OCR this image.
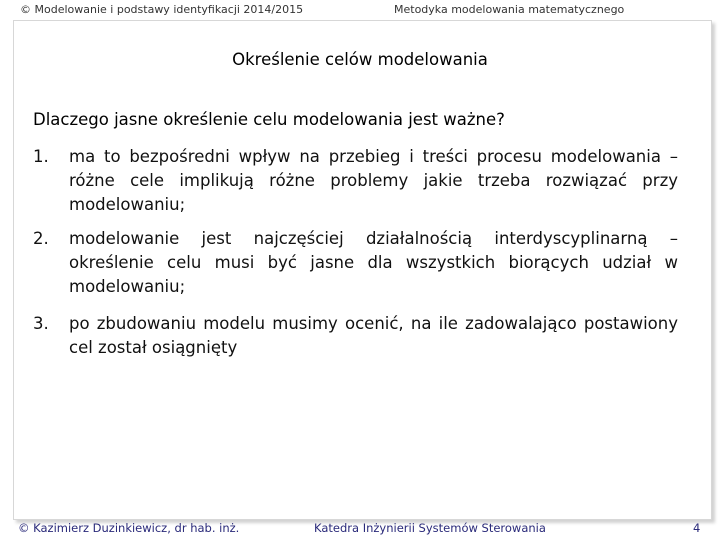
© Modelowanie i podstawy identyfikacji 2014/2015	Metodyka modelowania matematycznego
Określenie celów modelowania
Dlaczego jasne określenie celu modelowania jest ważne?
1. ma to bezpośredni wpływ na przebieg i treści procesu modelowania – różne cele implikują różne problemy jakie trzeba rozwiązać przy modelowaniu;
2. modelowanie jest najczęściej działalnością interdyscyplinarną – określenie celu musi być jasne dla wszystkich biorących udział w modelowaniu;
3. po zbudowaniu modelu musimy ocenić, na ile zadowalająco postawiony cel został osiągnięty
© Kazimierz Duzinkiewicz, dr hab. inż.	Katedra Inżynierii Systemów Sterowania	4
